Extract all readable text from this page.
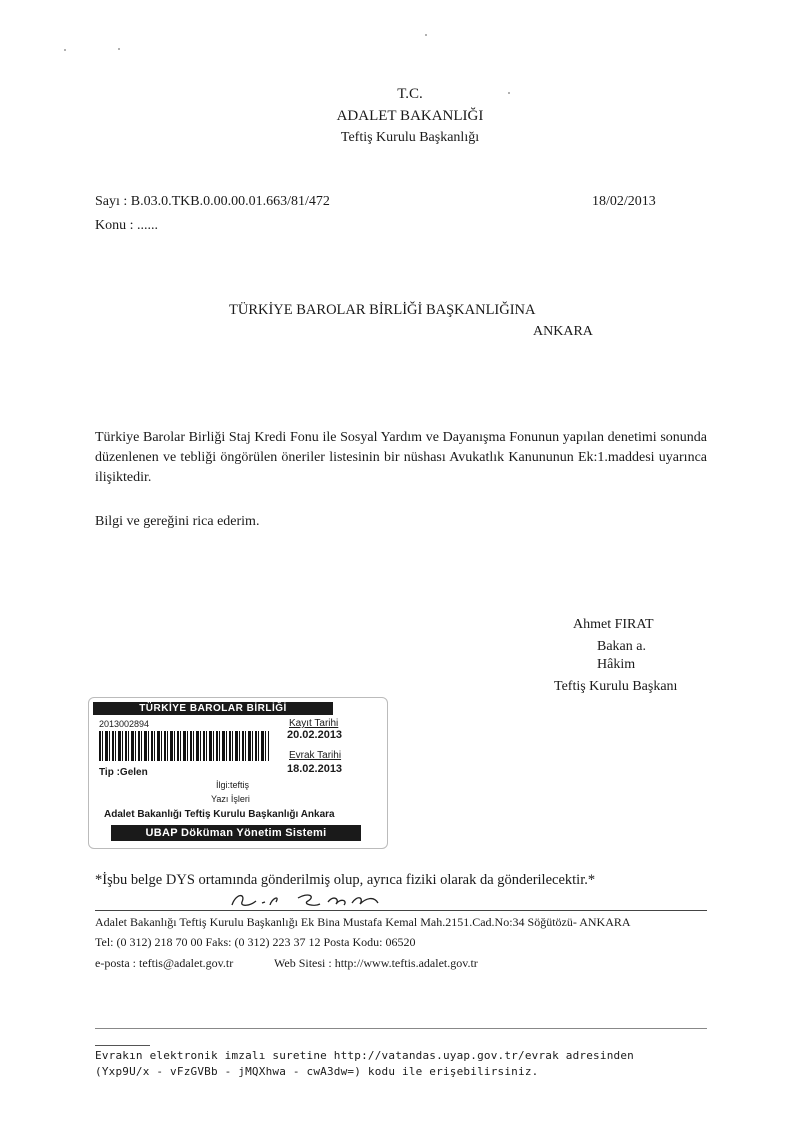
T.C.
ADALET BAKANLIĞI
Teftiş Kurulu Başkanlığı
Sayı : B.03.0.TKB.0.00.00.01.663/81/472	18/02/2013
Konu : ......
TÜRKİYE BAROLAR BİRLİĞİ BAŞKANLIĞINA
ANKARA
Türkiye Barolar Birliği Staj Kredi Fonu ile Sosyal Yardım ve Dayanışma Fonunun yapılan denetimi sonunda düzenlenen ve tebliği öngörülen öneriler listesinin bir nüshası Avukatlık Kanununun Ek:1.maddesi uyarınca ilişiktedir.
Bilgi ve gereğini rica ederim.
Ahmet FIRAT
Bakan a.
Hâkim
Teftiş Kurulu Başkanı
TÜRKİYE BAROLAR BİRLİĞİ
2013002894	Kayıt Tarihi
20.02.2013
Evrak Tarihi
18.02.2013
Tip :Gelen
İlgi:teftiş
Yazı İşleri
Adalet Bakanlığı Teftiş Kurulu Başkanlığı Ankara
UBAP Döküman Yönetim Sistemi
*İşbu belge DYS ortamında gönderilmiş olup, ayrıca fiziki olarak da gönderilecektir.*
Adalet Bakanlığı Teftiş Kurulu Başkanlığı Ek Bina Mustafa Kemal Mah.2151.Cad.No:34 Söğütözü- ANKARA
Tel: (0 312) 218 70 00 Faks: (0 312) 223 37 12 Posta Kodu: 06520
e-posta : teftis@adalet.gov.tr	Web Sitesi : http://www.teftis.adalet.gov.tr
Evrakın elektronik imzalı suretine http://vatandas.uyap.gov.tr/evrak adresinden
(Yxp9U/x - vFzGVBb - jMQXhwa - cwA3dw=) kodu ile erişebilirsiniz.
